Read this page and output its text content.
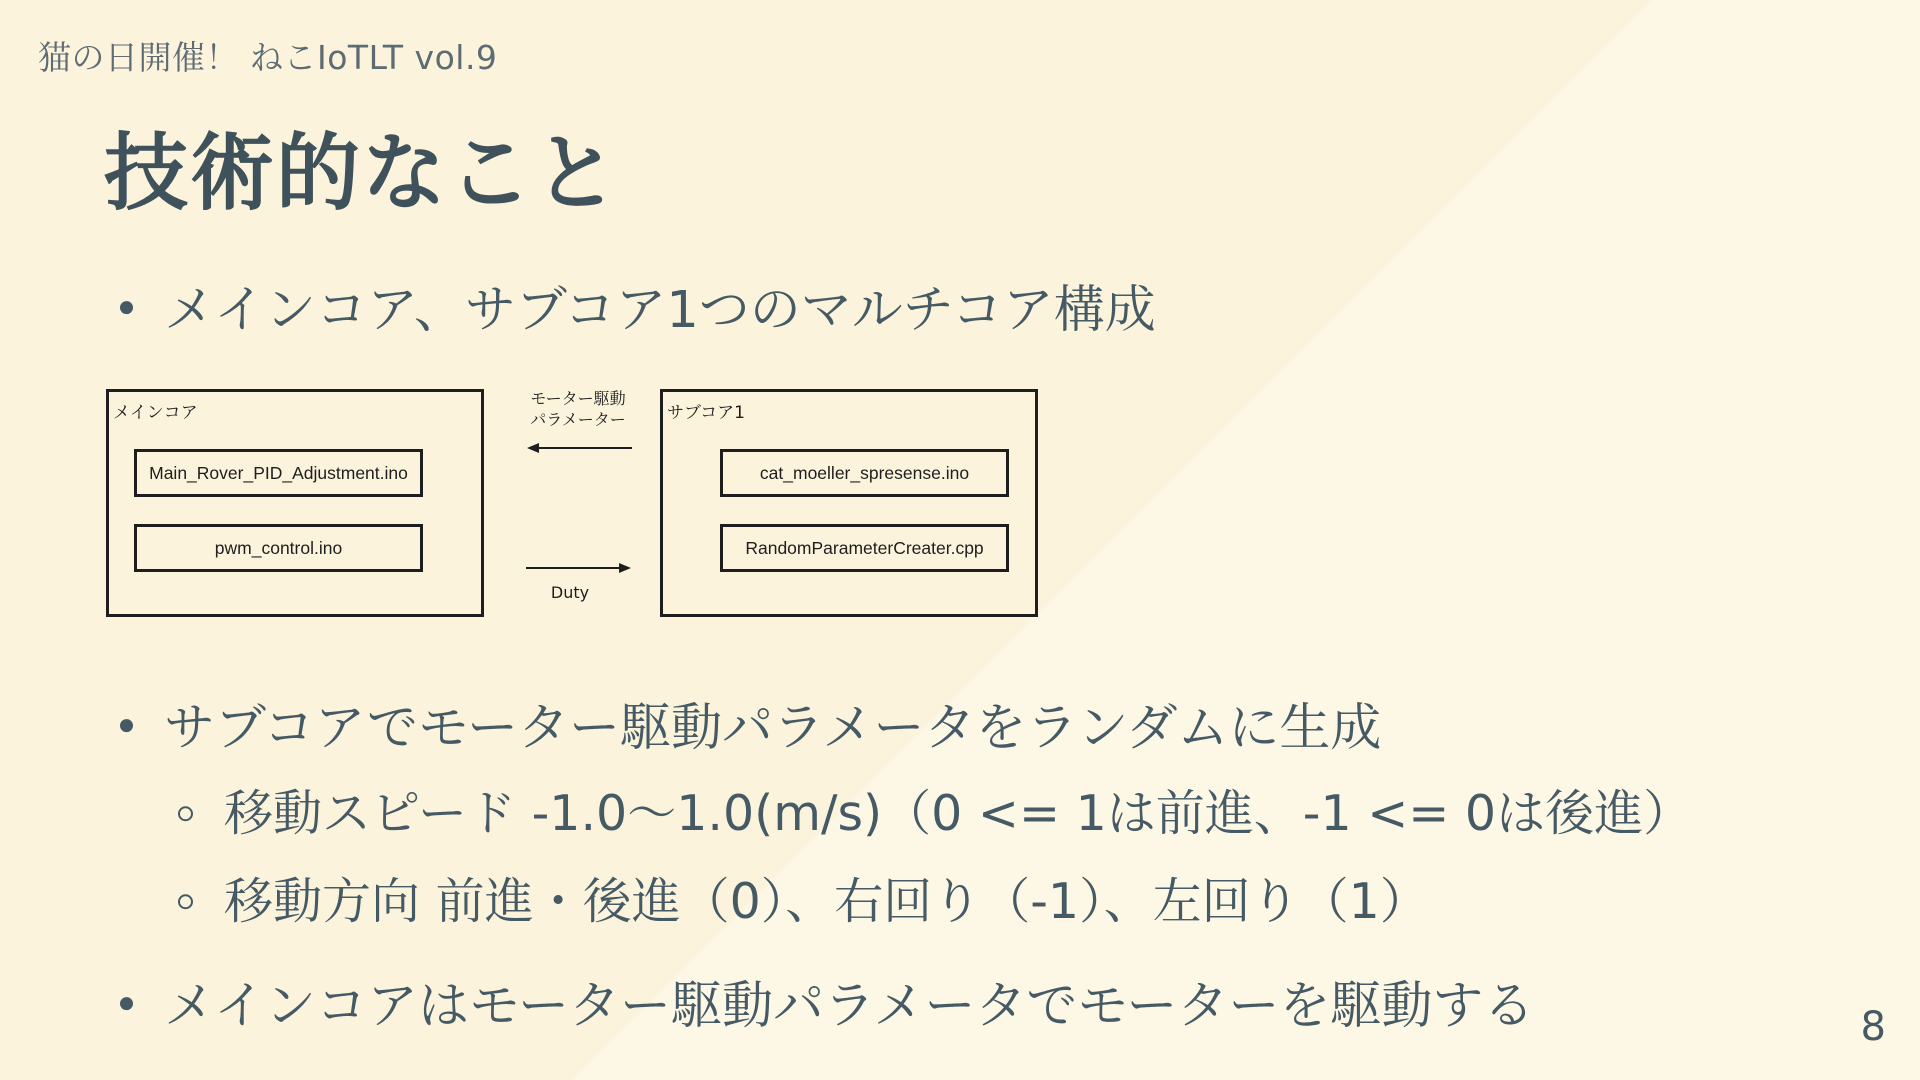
猫の日開催！ ねこIoTLT vol.9
技術的なこと
メインコア、サブコア1つのマルチコア構成
メインコア
Main_Rover_PID_Adjustment.ino
pwm_control.ino
サブコア1
cat_moeller_spresense.ino
RandomParameterCreater.cpp
モーター駆動
パラメーター
Duty
サブコアでモーター駆動パラメータをランダムに生成
移動スピード -1.0〜1.0(m/s)（0 <= 1は前進、-1 <= 0は後進）
移動方向 前進・後進（0）、右回り（-1）、左回り（1）
メインコアはモーター駆動パラメータでモーターを駆動する	8
